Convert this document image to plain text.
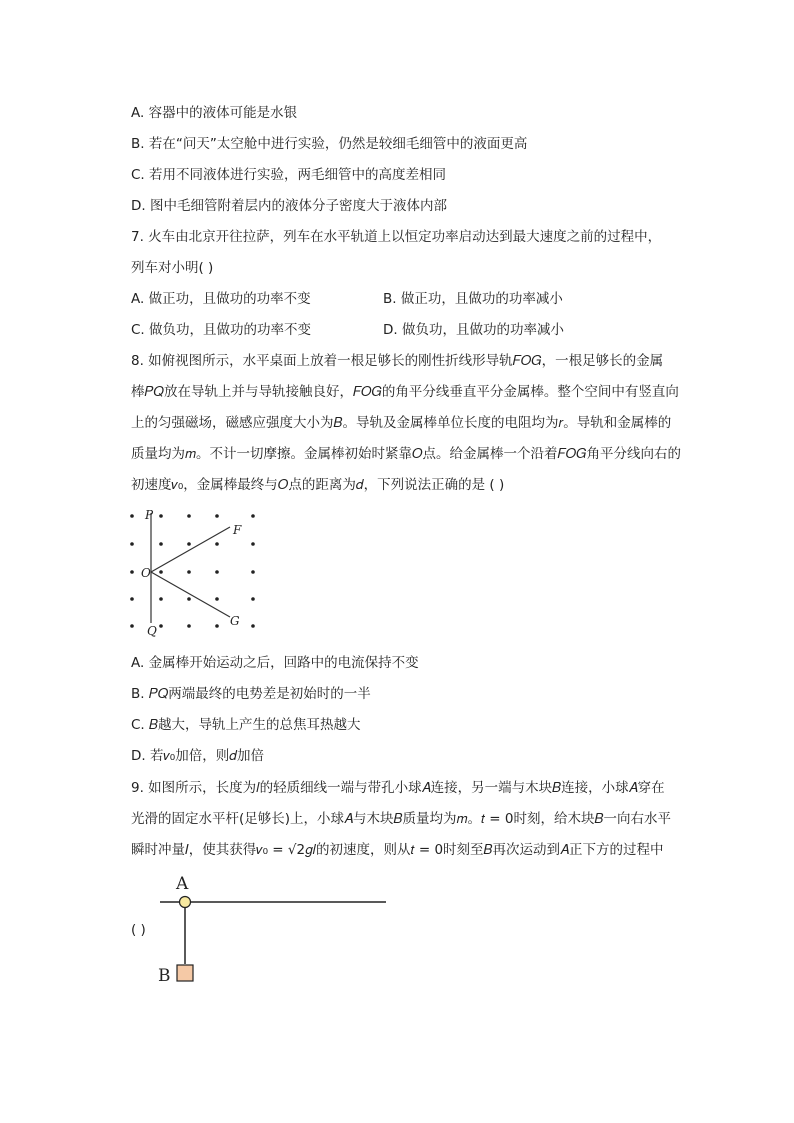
A. 容器中的液体可能是水银
B. 若在“问天”太空舱中进行实验，仍然是较细毛细管中的液面更高
C. 若用不同液体进行实验，两毛细管中的高度差相同
D. 图中毛细管附着层内的液体分子密度大于液体内部
7. 火车由北京开往拉萨，列车在水平轨道上以恒定功率启动达到最大速度之前的过程中，
列车对小明( )
A. 做正功，且做功的功率不变	B. 做正功，且做功的功率减小
C. 做负功，且做功的功率不变	D. 做负功，且做功的功率减小
8. 如俯视图所示，水平桌面上放着一根足够长的刚性折线形导轨𝐹𝑂𝐺，一根足够长的金属
棒𝑃𝑄放在导轨上并与导轨接触良好，𝐹𝑂𝐺的角平分线垂直平分金属棒。整个空间中有竖直向
上的匀强磁场，磁感应强度大小为𝐵。导轨及金属棒单位长度的电阻均为𝑟。导轨和金属棒的
质量均为𝑚。不计一切摩擦。金属棒初始时紧靠𝑂点。给金属棒一个沿着𝐹𝑂𝐺角平分线向右的
初速度𝑣₀，金属棒最终与𝑂点的距离为𝑑，下列说法正确的是 ( )
P
F
O
Q
G
A. 金属棒开始运动之后，回路中的电流保持不变
B. 𝑃𝑄两端最终的电势差是初始时的一半
C. 𝐵越大，导轨上产生的总焦耳热越大
D. 若𝑣₀加倍，则𝑑加倍
9. 如图所示，长度为𝑙的轻质细线一端与带孔小球𝐴连接，另一端与木块𝐵连接，小球𝐴穿在
光滑的固定水平杆(足够长)上，小球𝐴与木块𝐵质量均为𝑚。𝑡 = 0时刻，给木块𝐵一向右水平
瞬时冲量𝐼，使其获得𝑣₀ = √2𝑔𝑙的初速度，则从𝑡 = 0时刻至𝐵再次运动到𝐴正下方的过程中
A
B
( )
